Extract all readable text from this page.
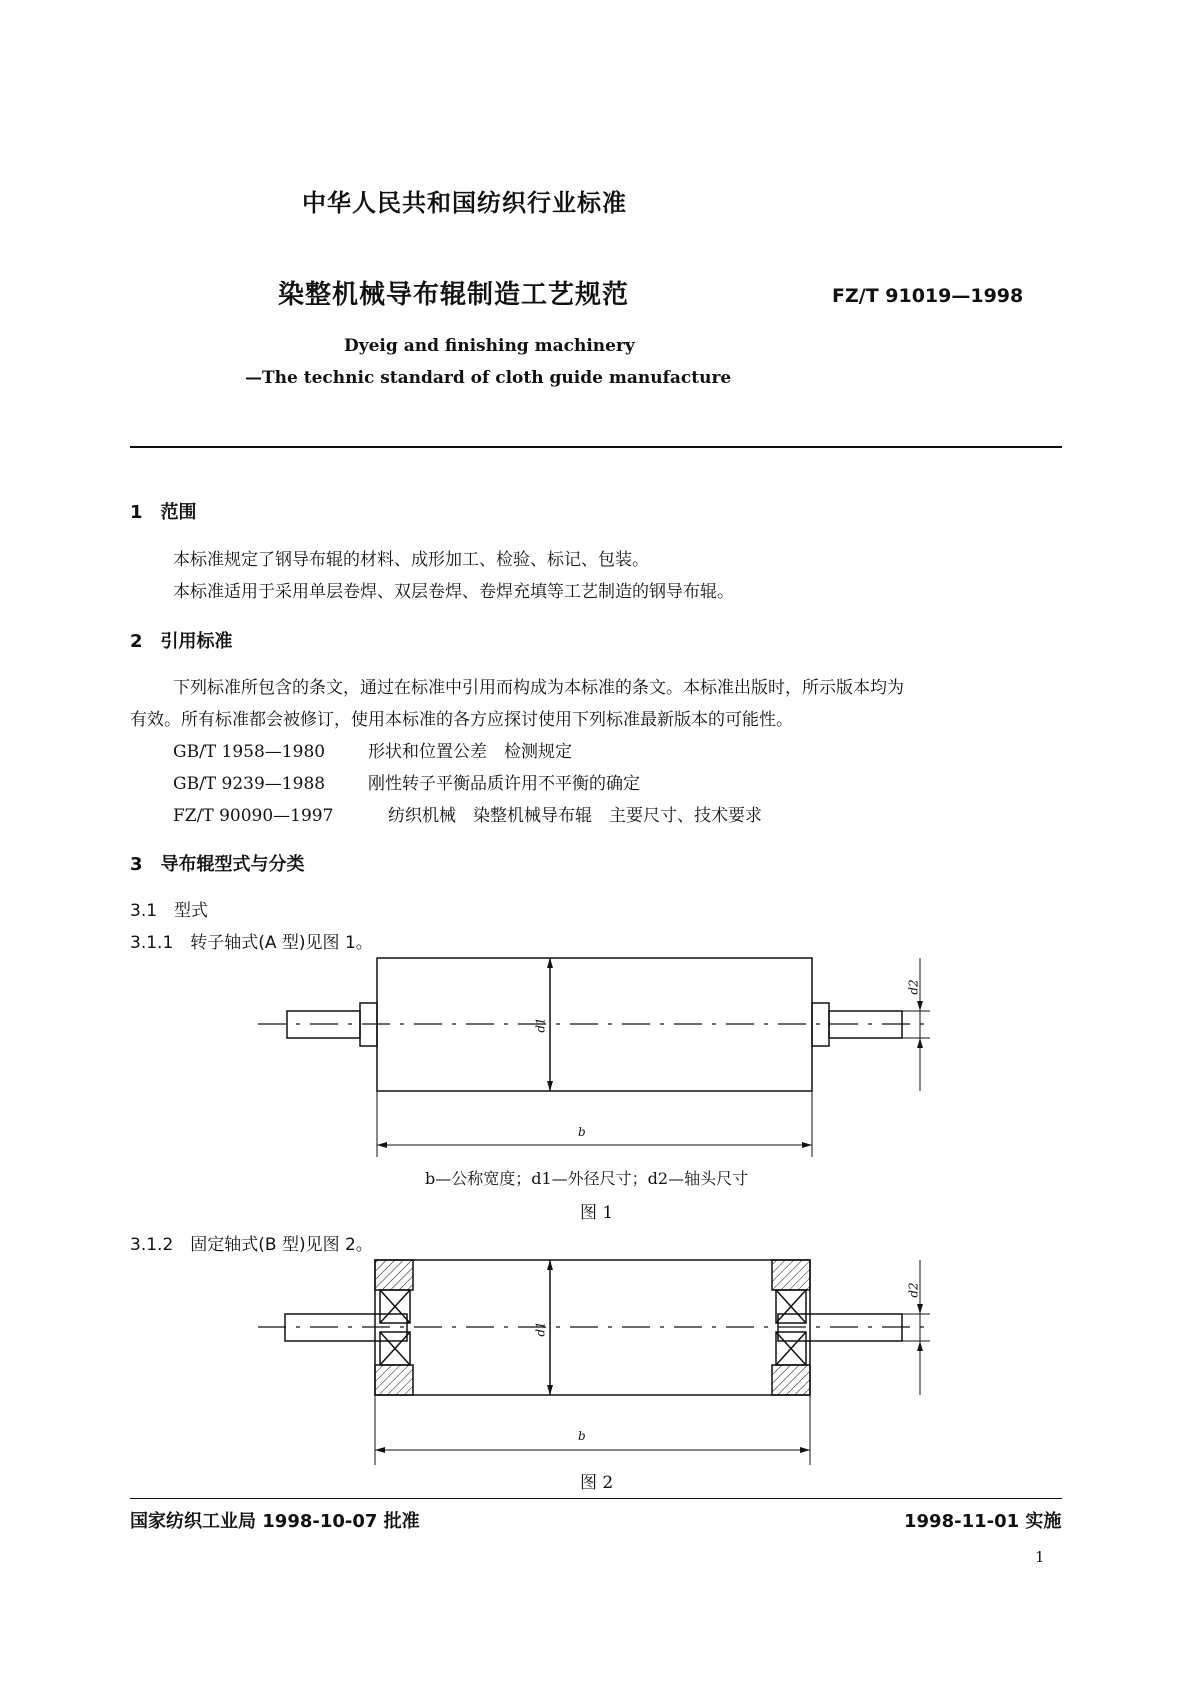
中华人民共和国纺织行业标准
染整机械导布辊制造工艺规范	FZ/T 91019—1998
Dyeig and finishing machinery
—The technic standard of cloth guide manufacture
1　范围
本标准规定了钢导布辊的材料、成形加工、检验、标记、包装。
本标准适用于采用单层卷焊、双层卷焊、卷焊充填等工艺制造的钢导布辊。
2　引用标准
下列标准所包含的条文，通过在标准中引用而构成为本标准的条文。本标准出版时，所示版本均为
有效。所有标准都会被修订，使用本标准的各方应探讨使用下列标准最新版本的可能性。
GB/T 1958—1980	形状和位置公差　检测规定
GB/T 9239—1988	刚性转子平衡品质许用不平衡的确定
FZ/T 90090—1997	纺织机械　染整机械导布辊　主要尺寸、技术要求
3　导布辊型式与分类
3.1　型式
3.1.1　转子轴式(A 型)见图 1。
d1
d2
b
b—公称宽度；d1—外径尺寸；d2—轴头尺寸
图 1
3.1.2　固定轴式(B 型)见图 2。
d1
d2
b
图 2
国家纺织工业局 1998-10-07 批准	1998-11-01 实施
1
